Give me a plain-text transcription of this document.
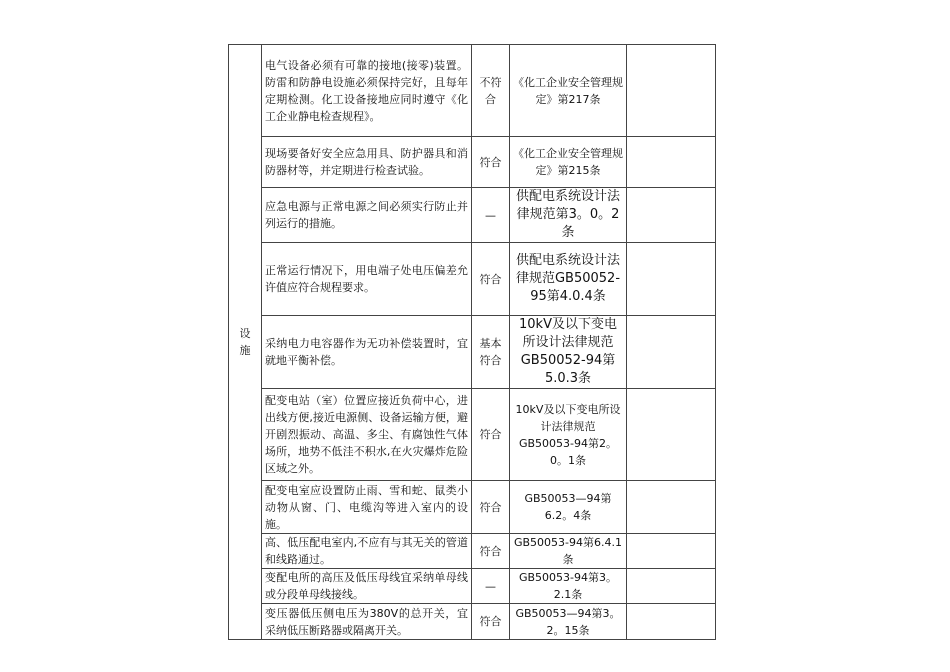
设施	电气设备必须有可靠的接地(接零)装置。防雷和防静电设施必须保持完好，且每年定期检测。化工设备接地应同时遵守《化工企业静电检查规程》。	不符合	《化工企业安全管理规定》第217条	
	现场要备好安全应急用具、防护器具和消防器材等，并定期进行检查试验。	符合	《化工企业安全管理规定》第215条	
	应急电源与正常电源之间必须实行防止并列运行的措施。	—	供配电系统设计法律规范第3。0。2条	
	正常运行情况下，用电端子处电压偏差允许值应符合规程要求。	符合	供配电系统设计法律规范GB50052-95第4.0.4条	
	采纳电力电容器作为无功补偿装置时，宜就地平衡补偿。	基本符合	10kV及以下变电所设计法律规范GB50052-94第5.0.3条	
	配变电站（室）位置应接近负荷中心，进出线方便,接近电源侧、设备运输方便，避开剧烈振动、高温、多尘、有腐蚀性气体场所，地势不低洼不积水,在火灾爆炸危险区域之外。	符合	10kV及以下变电所设计法律规范GB50053-94第2。0。1条	
	配变电室应设置防止雨、雪和蛇、鼠类小动物从窗、门、电缆沟等进入室内的设施。	符合	GB50053—94第6.2。4条	
	高、低压配电室内,不应有与其无关的管道和线路通过。	符合	GB50053-94第6.4.1条	
	变配电所的高压及低压母线宜采纳单母线或分段单母线接线。	—	GB50053-94第3。2.1条	
	变压器低压侧电压为380V的总开关，宜采纳低压断路器或隔离开关。	符合	GB50053—94第3。2。15条	
